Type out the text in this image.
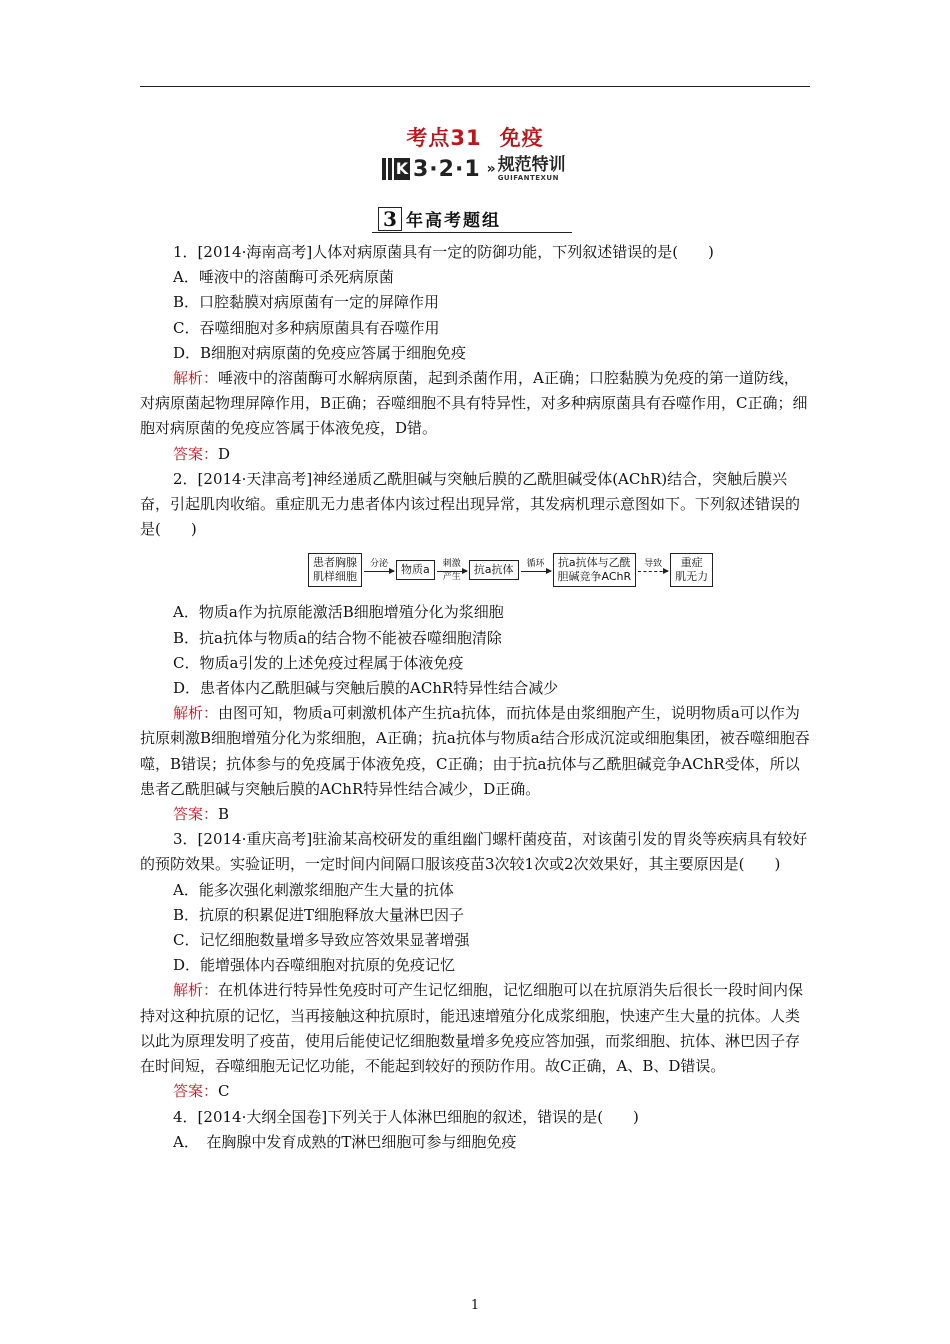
考点31 免疫
K 3·2·1 » 规范特训
GUIFANTEXUN
3 年高考题组

1．[2014·海南高考]人体对病原菌具有一定的防御功能，下列叙述错误的是(　　)

A．唾液中的溶菌酶可杀死病原菌

B．口腔黏膜对病原菌有一定的屏障作用

C．吞噬细胞对多种病原菌具有吞噬作用

D．B细胞对病原菌的免疫应答属于细胞免疫

解析：唾液中的溶菌酶可水解病原菌，起到杀菌作用，A正确；口腔黏膜为免疫的第一道防线，对病原菌起物理屏障作用，B正确；吞噬细胞不具有特异性，对多种病原菌具有吞噬作用，C正确；细胞对病原菌的免疫应答属于体液免疫，D错。

答案：D

2．[2014·天津高考]神经递质乙酰胆碱与突触后膜的乙酰胆碱受体(AChR)结合，突触后膜兴奋，引起肌肉收缩。重症肌无力患者体内该过程出现异常，其发病机理示意图如下。下列叙述错误的是(　　)

患者胸腺
肌样细胞
分泌
	物质a	刺激
产生
抗a抗体	循环
抗a抗体与乙酰
胆碱竞争AChR
导致
	重症
肌无力

A．物质a作为抗原能激活B细胞增殖分化为浆细胞

B．抗a抗体与物质a的结合物不能被吞噬细胞清除

C．物质a引发的上述免疫过程属于体液免疫

D．患者体内乙酰胆碱与突触后膜的AChR特异性结合减少

解析：由图可知，物质a可刺激机体产生抗a抗体，而抗体是由浆细胞产生，说明物质a可以作为抗原刺激B细胞增殖分化为浆细胞，A正确；抗a抗体与物质a结合形成沉淀或细胞集团，被吞噬细胞吞噬，B错误；抗体参与的免疫属于体液免疫，C正确；由于抗a抗体与乙酰胆碱竞争AChR受体，所以患者乙酰胆碱与突触后膜的AChR特异性结合减少，D正确。

答案：B

3．[2014·重庆高考]驻渝某高校研发的重组幽门螺杆菌疫苗，对该菌引发的胃炎等疾病具有较好的预防效果。实验证明，一定时间内间隔口服该疫苗3次较1次或2次效果好，其主要原因是(　　)

A．能多次强化刺激浆细胞产生大量的抗体

B．抗原的积累促进T细胞释放大量淋巴因子

C．记忆细胞数量增多导致应答效果显著增强

D．能增强体内吞噬细胞对抗原的免疫记忆

解析：在机体进行特异性免疫时可产生记忆细胞，记忆细胞可以在抗原消失后很长一段时间内保持对这种抗原的记忆，当再接触这种抗原时，能迅速增殖分化成浆细胞，快速产生大量的抗体。人类以此为原理发明了疫苗，使用后能使记忆细胞数量增多免疫应答加强，而浆细胞、抗体、淋巴因子存在时间短，吞噬细胞无记忆功能，不能起到较好的预防作用。故C正确，A、B、D错误。

答案：C

4．[2014·大纲全国卷]下列关于人体淋巴细胞的叙述，错误的是(　　)

A．　在胸腺中发育成熟的T淋巴细胞可参与细胞免疫

1
